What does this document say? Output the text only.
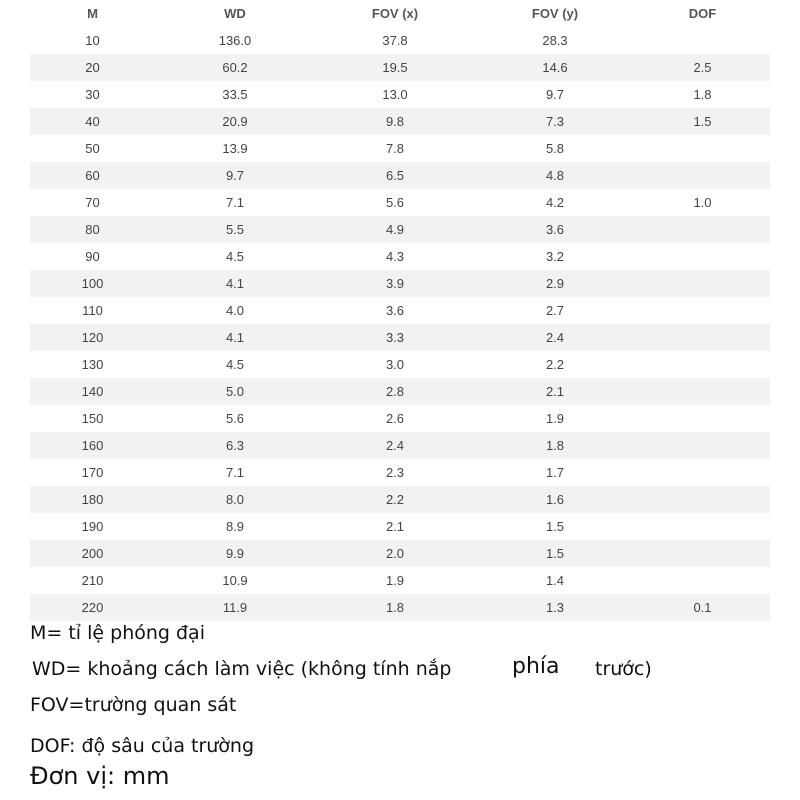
M	WD	FOV (x)	FOV (y)	DOF
10	136.0	37.8	28.3
20	60.2	19.5	14.6	2.5
30	33.5	13.0	9.7	1.8
40	20.9	9.8	7.3	1.5
50	13.9	7.8	5.8
60	9.7	6.5	4.8
70	7.1	5.6	4.2	1.0
80	5.5	4.9	3.6
90	4.5	4.3	3.2
100	4.1	3.9	2.9
110	4.0	3.6	2.7
120	4.1	3.3	2.4
130	4.5	3.0	2.2
140	5.0	2.8	2.1
150	5.6	2.6	1.9
160	6.3	2.4	1.8
170	7.1	2.3	1.7
180	8.0	2.2	1.6
190	8.9	2.1	1.5
200	9.9	2.0	1.5
210	10.9	1.9	1.4
220	11.9	1.8	1.3	0.1
M= tỉ lệ phóng đại
WD= khoảng cách làm việc (không tính nắp	phía trước)
FOV=trường quan sát
DOF: độ sâu của trường
Đơn vị: mm
